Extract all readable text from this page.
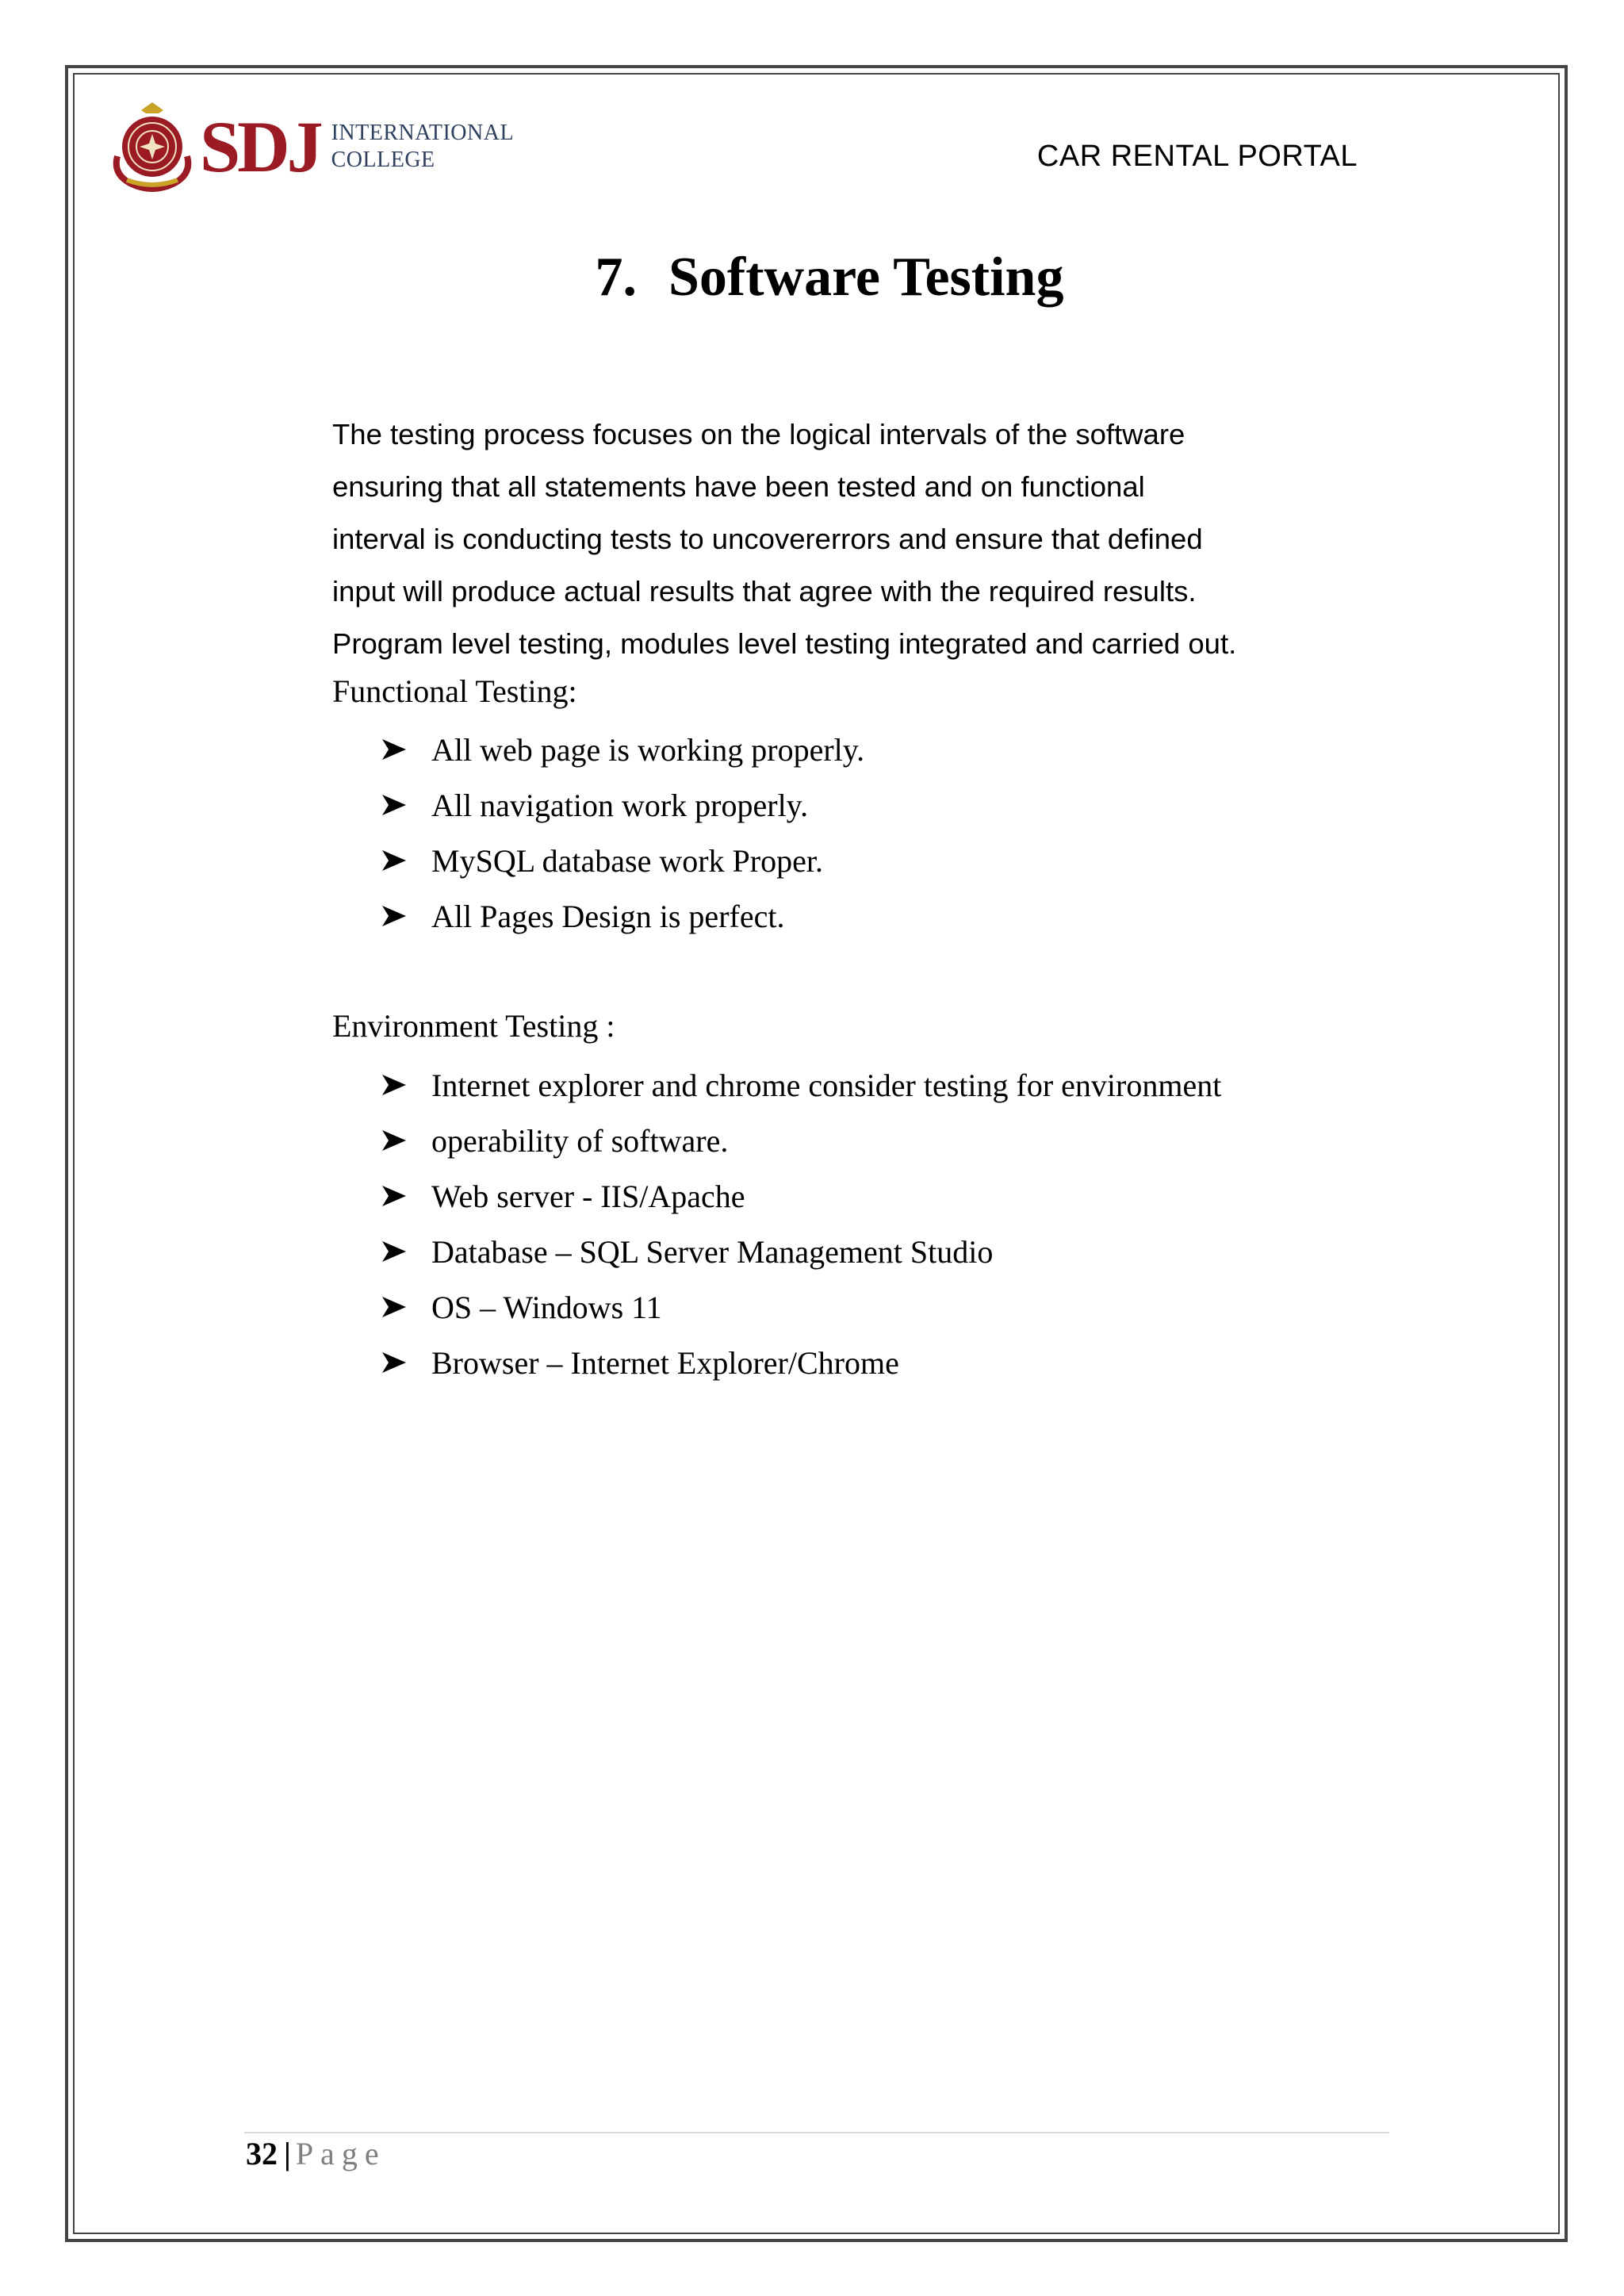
SDJ INTERNATIONAL
COLLEGE	CAR RENTAL PORTAL
7. Software Testing

The testing process focuses on the logical intervals of the software

ensuring that all statements have been tested and on functional

interval is conducting tests to uncovererrors and ensure that defined

input will produce actual results that agree with the required results.

Program level testing, modules level testing integrated and carried out.

Functional Testing:
All web page is working properly.
All navigation work properly.
MySQL database work Proper.
All Pages Design is perfect.
Environment Testing :
Internet explorer and chrome consider testing for environment
operability of software.
Web server - IIS/Apache
Database – SQL Server Management Studio
OS – Windows 11
Browser – Internet Explorer/Chrome
32 | Page
